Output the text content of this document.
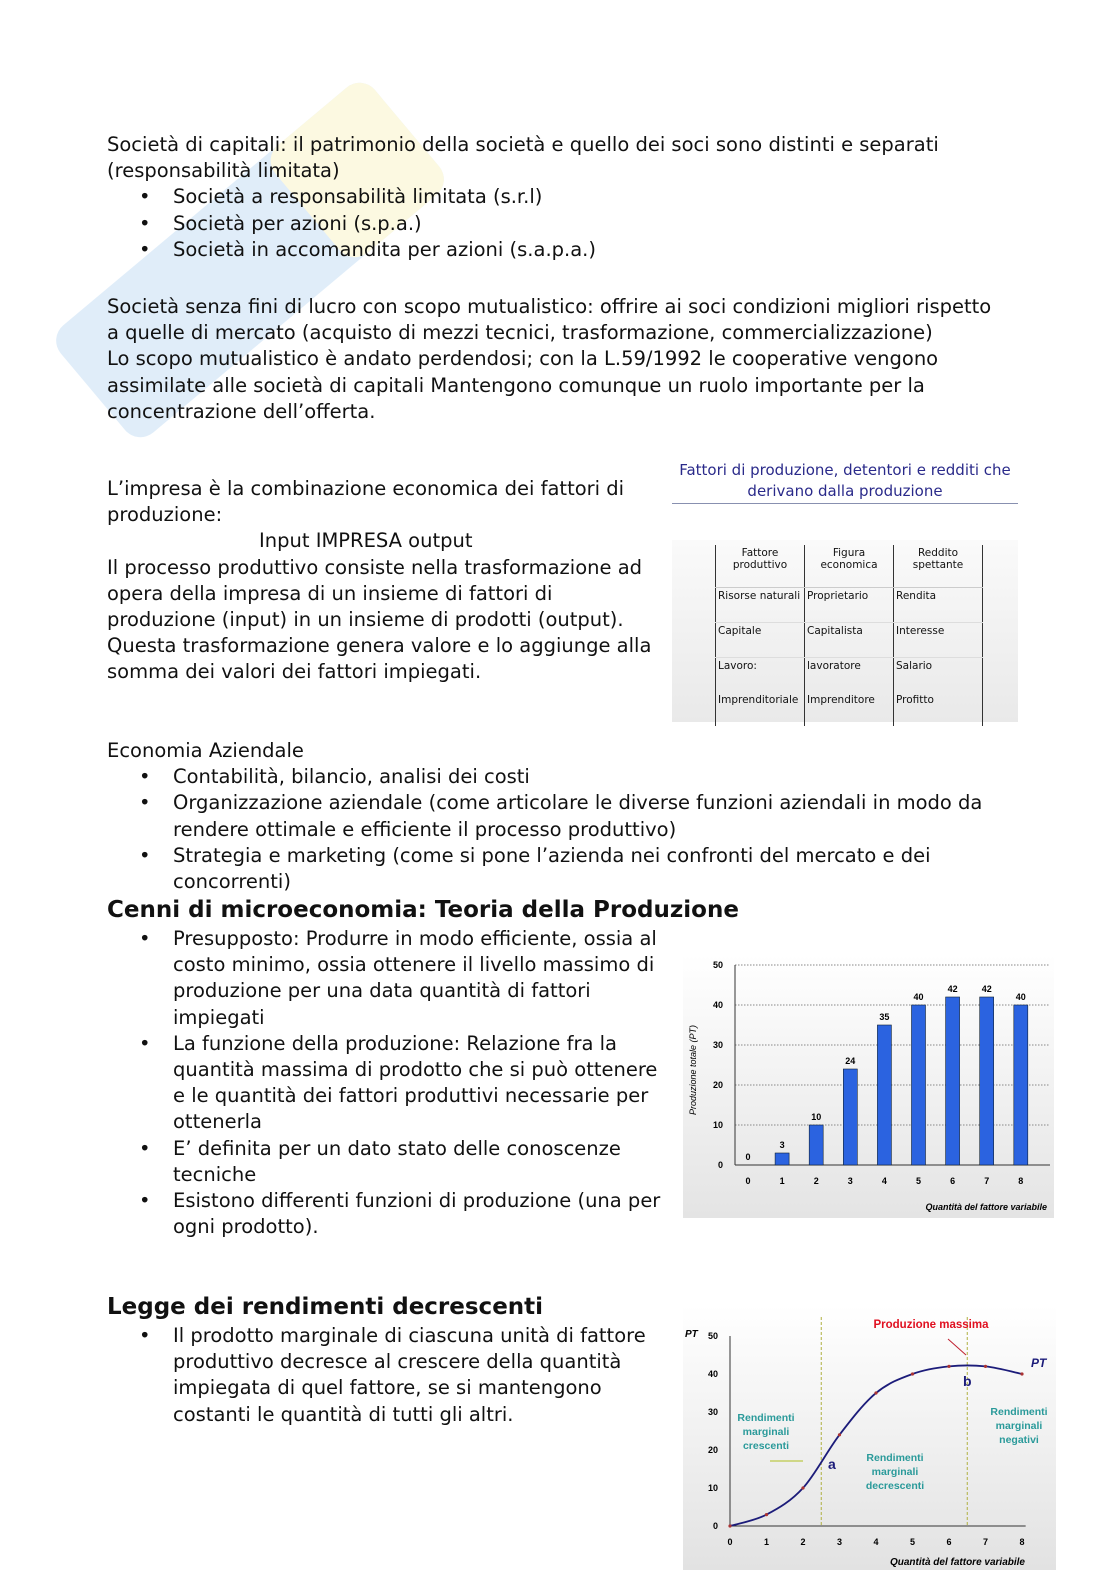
Società di capitali: il patrimonio della società e quello dei soci sono distinti e separati (responsabilità limitata)

• Società a responsabilità limitata (s.r.l)
• Società per azioni (s.p.a.)
• Società in accomandita per azioni (s.a.p.a.)

Società senza fini di lucro con scopo mutualistico: offrire ai soci condizioni migliori rispetto a quelle di mercato (acquisto di mezzi tecnici, trasformazione, commercializzazione)

Lo scopo mutualistico è andato perdendosi; con la L.59/1992 le cooperative vengono assimilate alle società di capitali Mantengono comunque un ruolo importante per la concentrazione dell’offerta.

L’impresa è la combinazione economica dei fattori di produzione:

Input IMPRESA output

Il processo produttivo consiste nella trasformazione ad opera della impresa di un insieme di fattori di produzione (input) in un insieme di prodotti (output). Questa trasformazione genera valore e lo aggiunge alla somma dei valori dei fattori impiegati.

Fattori di produzione, detentori e redditi che derivano dalla produzione
Fattore produttivo	Figura economica	Reddito spettante
Risorse naturali	Proprietario	Rendita
Capitale	Capitalista	Interesse
Lavoro:	lavoratore	Salario
Imprenditoriale	Imprenditore	Profitto

Economia Aziendale

• Contabilità, bilancio, analisi dei costi
• Organizzazione aziendale (come articolare le diverse funzioni aziendali in modo da rendere ottimale e efficiente il processo produttivo)
• Strategia e marketing (come si pone l’azienda nei confronti del mercato e dei concorrenti)
Cenni di microeconomia: Teoria della Produzione
• Presupposto: Produrre in modo efficiente, ossia al costo minimo, ossia ottenere il livello massimo di produzione per una data quantità di fattori impiegati
• La funzione della produzione: Relazione fra la quantità massima di prodotto che si può ottenere e le quantità dei fattori produttivi necessarie per ottenerla
• E’ definita per un dato stato delle conoscenze tecniche
• Esistono differenti funzioni di produzione (una per ogni prodotto).
0
10
20
30
40
50
0
0
3
1
10
2
24
3
35
4
40
5
42
6
42
7
40
8
Produzione totale (PT)
Quantità del fattore variabile
Legge dei rendimenti decrescenti
• Il prodotto marginale di ciascuna unità di fattore produttivo decresce al crescere della quantità impiegata di quel fattore, se si mantengono costanti le quantità di tutti gli altri.
0
10
20
30
40
50
0	1	2	3	4	5	6	7	8
PT
PT
Produzione massima
a
b
Rendimenti
marginali
crescenti
Rendimenti
marginali
decrescenti
Rendimenti
marginali
negativi
Quantità del fattore variabile
